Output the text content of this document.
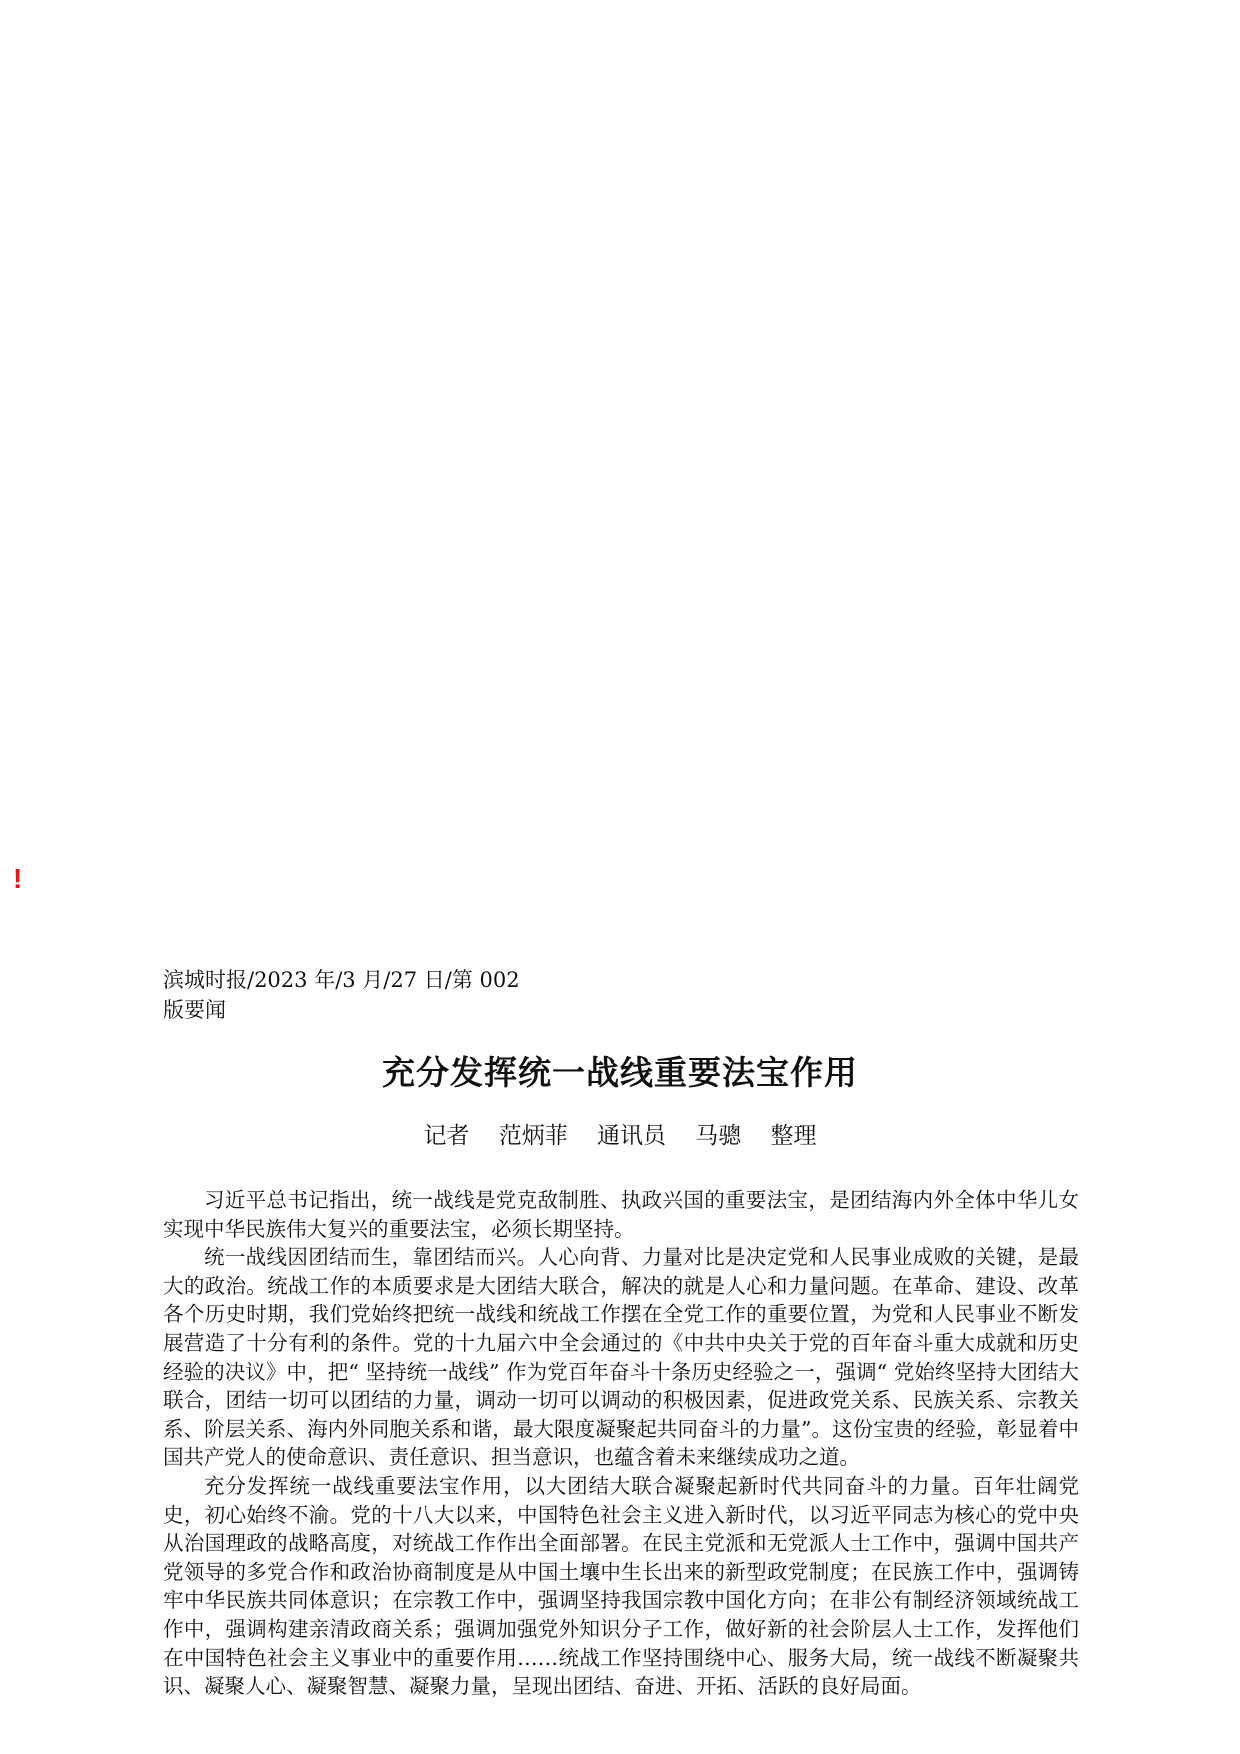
!
滨城时报/2023 年/3 月/27 日/第 002
版要闻
充分发挥统一战线重要法宝作用
记者    范炳菲    通讯员    马骢    整理

习近平总书记指出，统一战线是党克敌制胜、执政兴国的重要法宝，是团结海内外全体中华儿女实现中华民族伟大复兴的重要法宝，必须长期坚持。

统一战线因团结而生，靠团结而兴。人心向背、力量对比是决定党和人民事业成败的关键，是最大的政治。统战工作的本质要求是大团结大联合，解决的就是人心和力量问题。在革命、建设、改革各个历史时期，我们党始终把统一战线和统战工作摆在全党工作的重要位置，为党和人民事业不断发展营造了十分有利的条件。党的十九届六中全会通过的《中共中央关于党的百年奋斗重大成就和历史经验的决议》中，把“ 坚持统一战线” 作为党百年奋斗十条历史经验之一，强调“ 党始终坚持大团结大联合，团结一切可以团结的力量，调动一切可以调动的积极因素，促进政党关系、民族关系、宗教关系、阶层关系、海内外同胞关系和谐，最大限度凝聚起共同奋斗的力量”。这份宝贵的经验，彰显着中国共产党人的使命意识、责任意识、担当意识，也蕴含着未来继续成功之道。

充分发挥统一战线重要法宝作用，以大团结大联合凝聚起新时代共同奋斗的力量。百年壮阔党史，初心始终不渝。党的十八大以来，中国特色社会主义进入新时代，以习近平同志为核心的党中央从治国理政的战略高度，对统战工作作出全面部署。在民主党派和无党派人士工作中，强调中国共产党领导的多党合作和政治协商制度是从中国土壤中生长出来的新型政党制度；在民族工作中，强调铸牢中华民族共同体意识；在宗教工作中，强调坚持我国宗教中国化方向；在非公有制经济领域统战工作中，强调构建亲清政商关系；强调加强党外知识分子工作，做好新的社会阶层人士工作，发挥他们在中国特色社会主义事业中的重要作用……统战工作坚持围绕中心、服务大局，统一战线不断凝聚共识、凝聚人心、凝聚智慧、凝聚力量，呈现出团结、奋进、开拓、活跃的良好局面。
